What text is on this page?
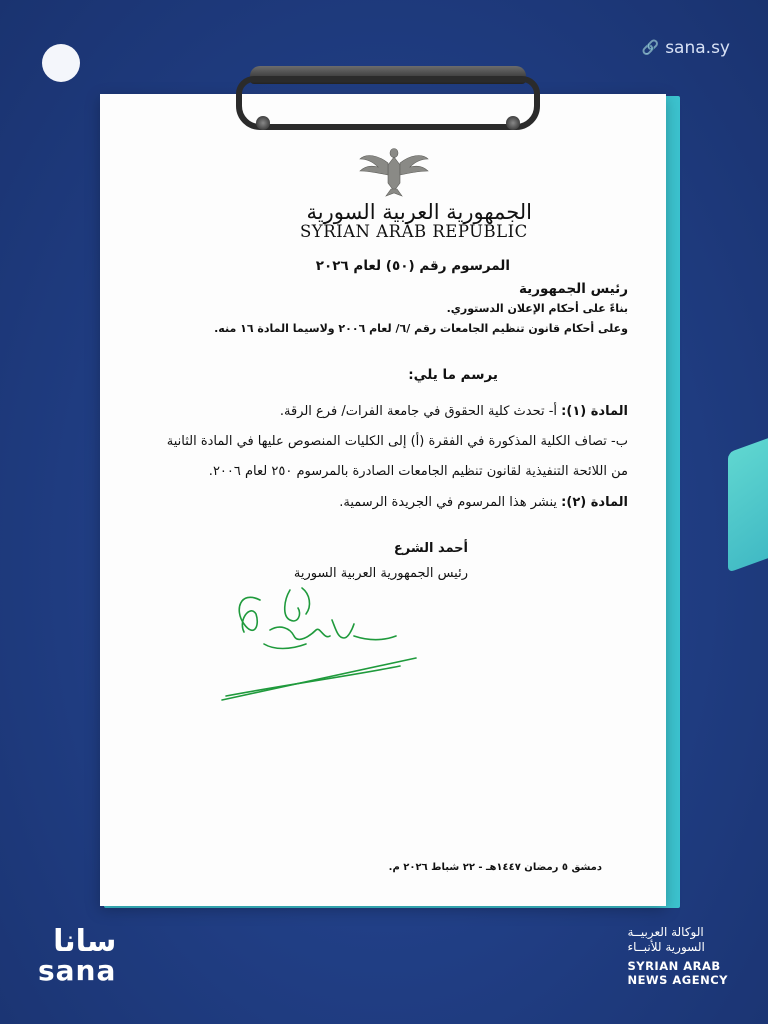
🔗 sana.sy
الجمهورية العربية السورية
SYRIAN ARAB REPUBLIC
المرسوم رقم (٥٠) لعام ٢٠٢٦
رئيس الجمهورية
بناءً على أحكام الإعلان الدستوري.
وعلى أحكام قانون تنظيم الجامعات رقم /٦/ لعام ٢٠٠٦ ولاسيما المادة ١٦ منه.
يرسم ما يلي:
المادة (١): أ- تحدث كلية الحقوق في جامعة الفرات/ فرع الرقة.
ب- تصاف الكلية المذكورة في الفقرة (أ) إلى الكليات المنصوص عليها في المادة الثانية
من اللائحة التنفيذية لقانون تنظيم الجامعات الصادرة بالمرسوم ٢٥٠ لعام ٢٠٠٦.
المادة (٢): ينشر هذا المرسوم في الجريدة الرسمية.
أحمد الشرع
رئيس الجمهورية العربية السورية
دمشق ٥ رمضان ١٤٤٧هـ - ٢٢ شباط ٢٠٢٦ م.
سانا
sana
الوكالة العربيــة
السورية للأنبــاء
SYRIAN ARAB
NEWS AGENCY
